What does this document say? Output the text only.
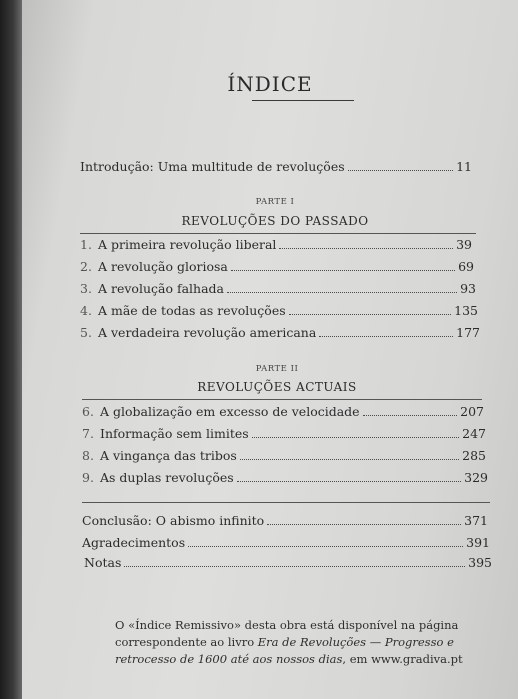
ÍNDICE
Introdução: Uma multitude de revoluções	11
PARTE I
REVOLUÇÕES DO PASSADO
1. A primeira revolução liberal	39
2. A revolução gloriosa	69
3. A revolução falhada	93
4. A mãe de todas as revoluções	135
5. A verdadeira revolução americana	177
PARTE II
REVOLUÇÕES ACTUAIS
6. A globalização em excesso de velocidade	207
7. Informação sem limites	247
8. A vingança das tribos	285
9. As duplas revoluções	329
Conclusão: O abismo infinito	371
Agradecimentos	391
Notas	395
O «Índice Remissivo» desta obra está disponível na página correspondente ao livro Era de Revoluções — Progresso e retrocesso de 1600 até aos nossos dias, em www.gradiva.pt
